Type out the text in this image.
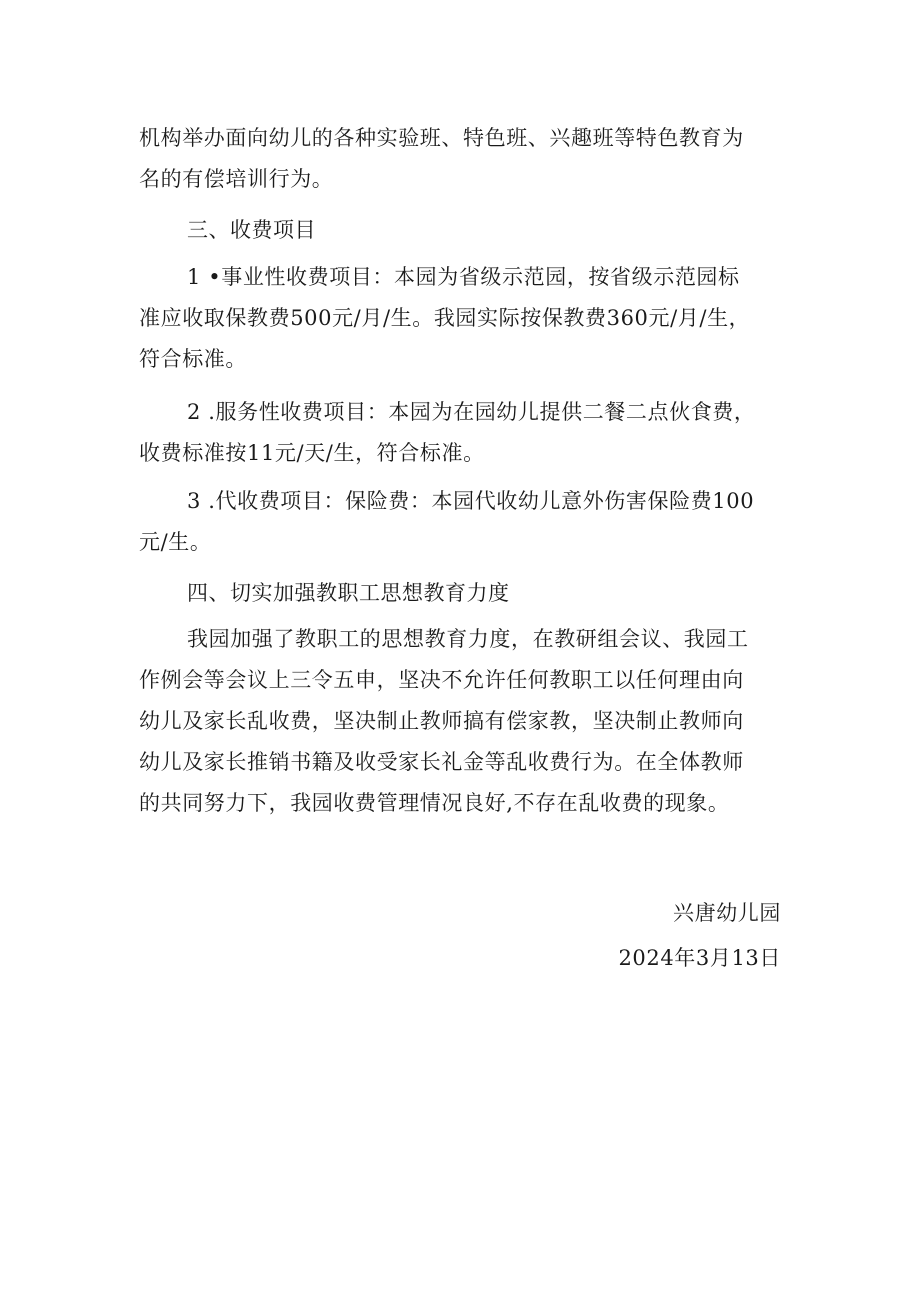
机构举办面向幼儿的各种实验班、特色班、兴趣班等特色教育为
名的有偿培训行为。

三、收费项目

1 •事业性收费项目：本园为省级示范园，按省级示范园标
准应收取保教费500元/月/生。我园实际按保教费360元/月/生，
符合标准。

2 .服务性收费项目：本园为在园幼儿提供二餐二点伙食费，
收费标准按11元/天/生，符合标准。

3 .代收费项目：保险费：本园代收幼儿意外伤害保险费100
元/生。

四、切实加强教职工思想教育力度

我园加强了教职工的思想教育力度，在教研组会议、我园工
作例会等会议上三令五申，坚决不允许任何教职工以任何理由向
幼儿及家长乱收费，坚决制止教师搞有偿家教，坚决制止教师向
幼儿及家长推销书籍及收受家长礼金等乱收费行为。在全体教师
的共同努力下，我园收费管理情况良好,不存在乱收费的现象。

兴唐幼儿园
2024年3月13日
